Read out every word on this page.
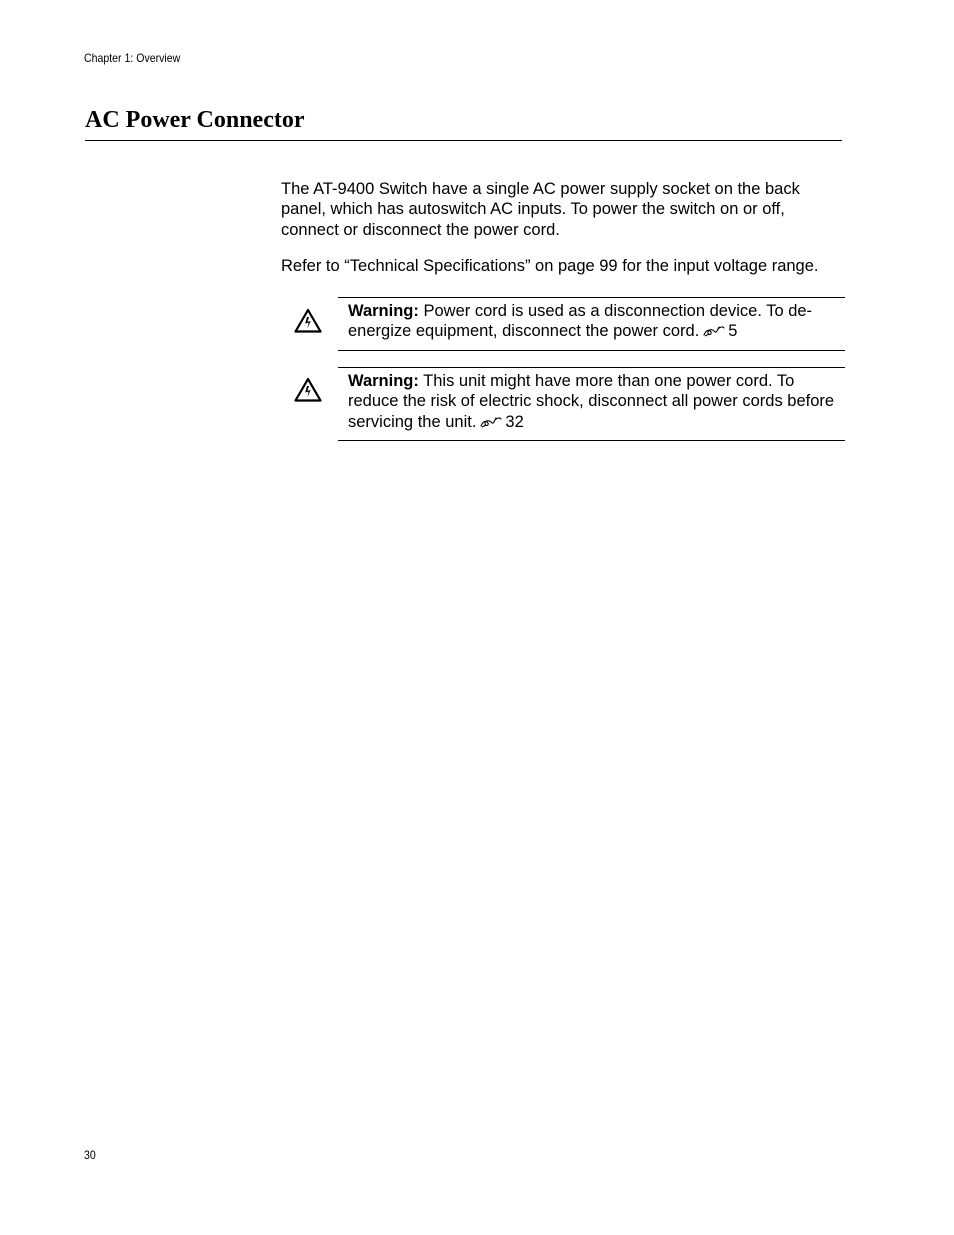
Chapter 1: Overview
AC Power Connector

The AT-9400 Switch have a single AC power supply socket on the back panel, which has autoswitch AC inputs. To power the switch on or off, connect or disconnect the power cord.

Refer to “Technical Specifications” on page 99 for the input voltage range.

Warning: Power cord is used as a disconnection device. To de-energize equipment, disconnect the power cord. 5

Warning: This unit might have more than one power cord. To reduce the risk of electric shock, disconnect all power cords before servicing the unit. 32

30
